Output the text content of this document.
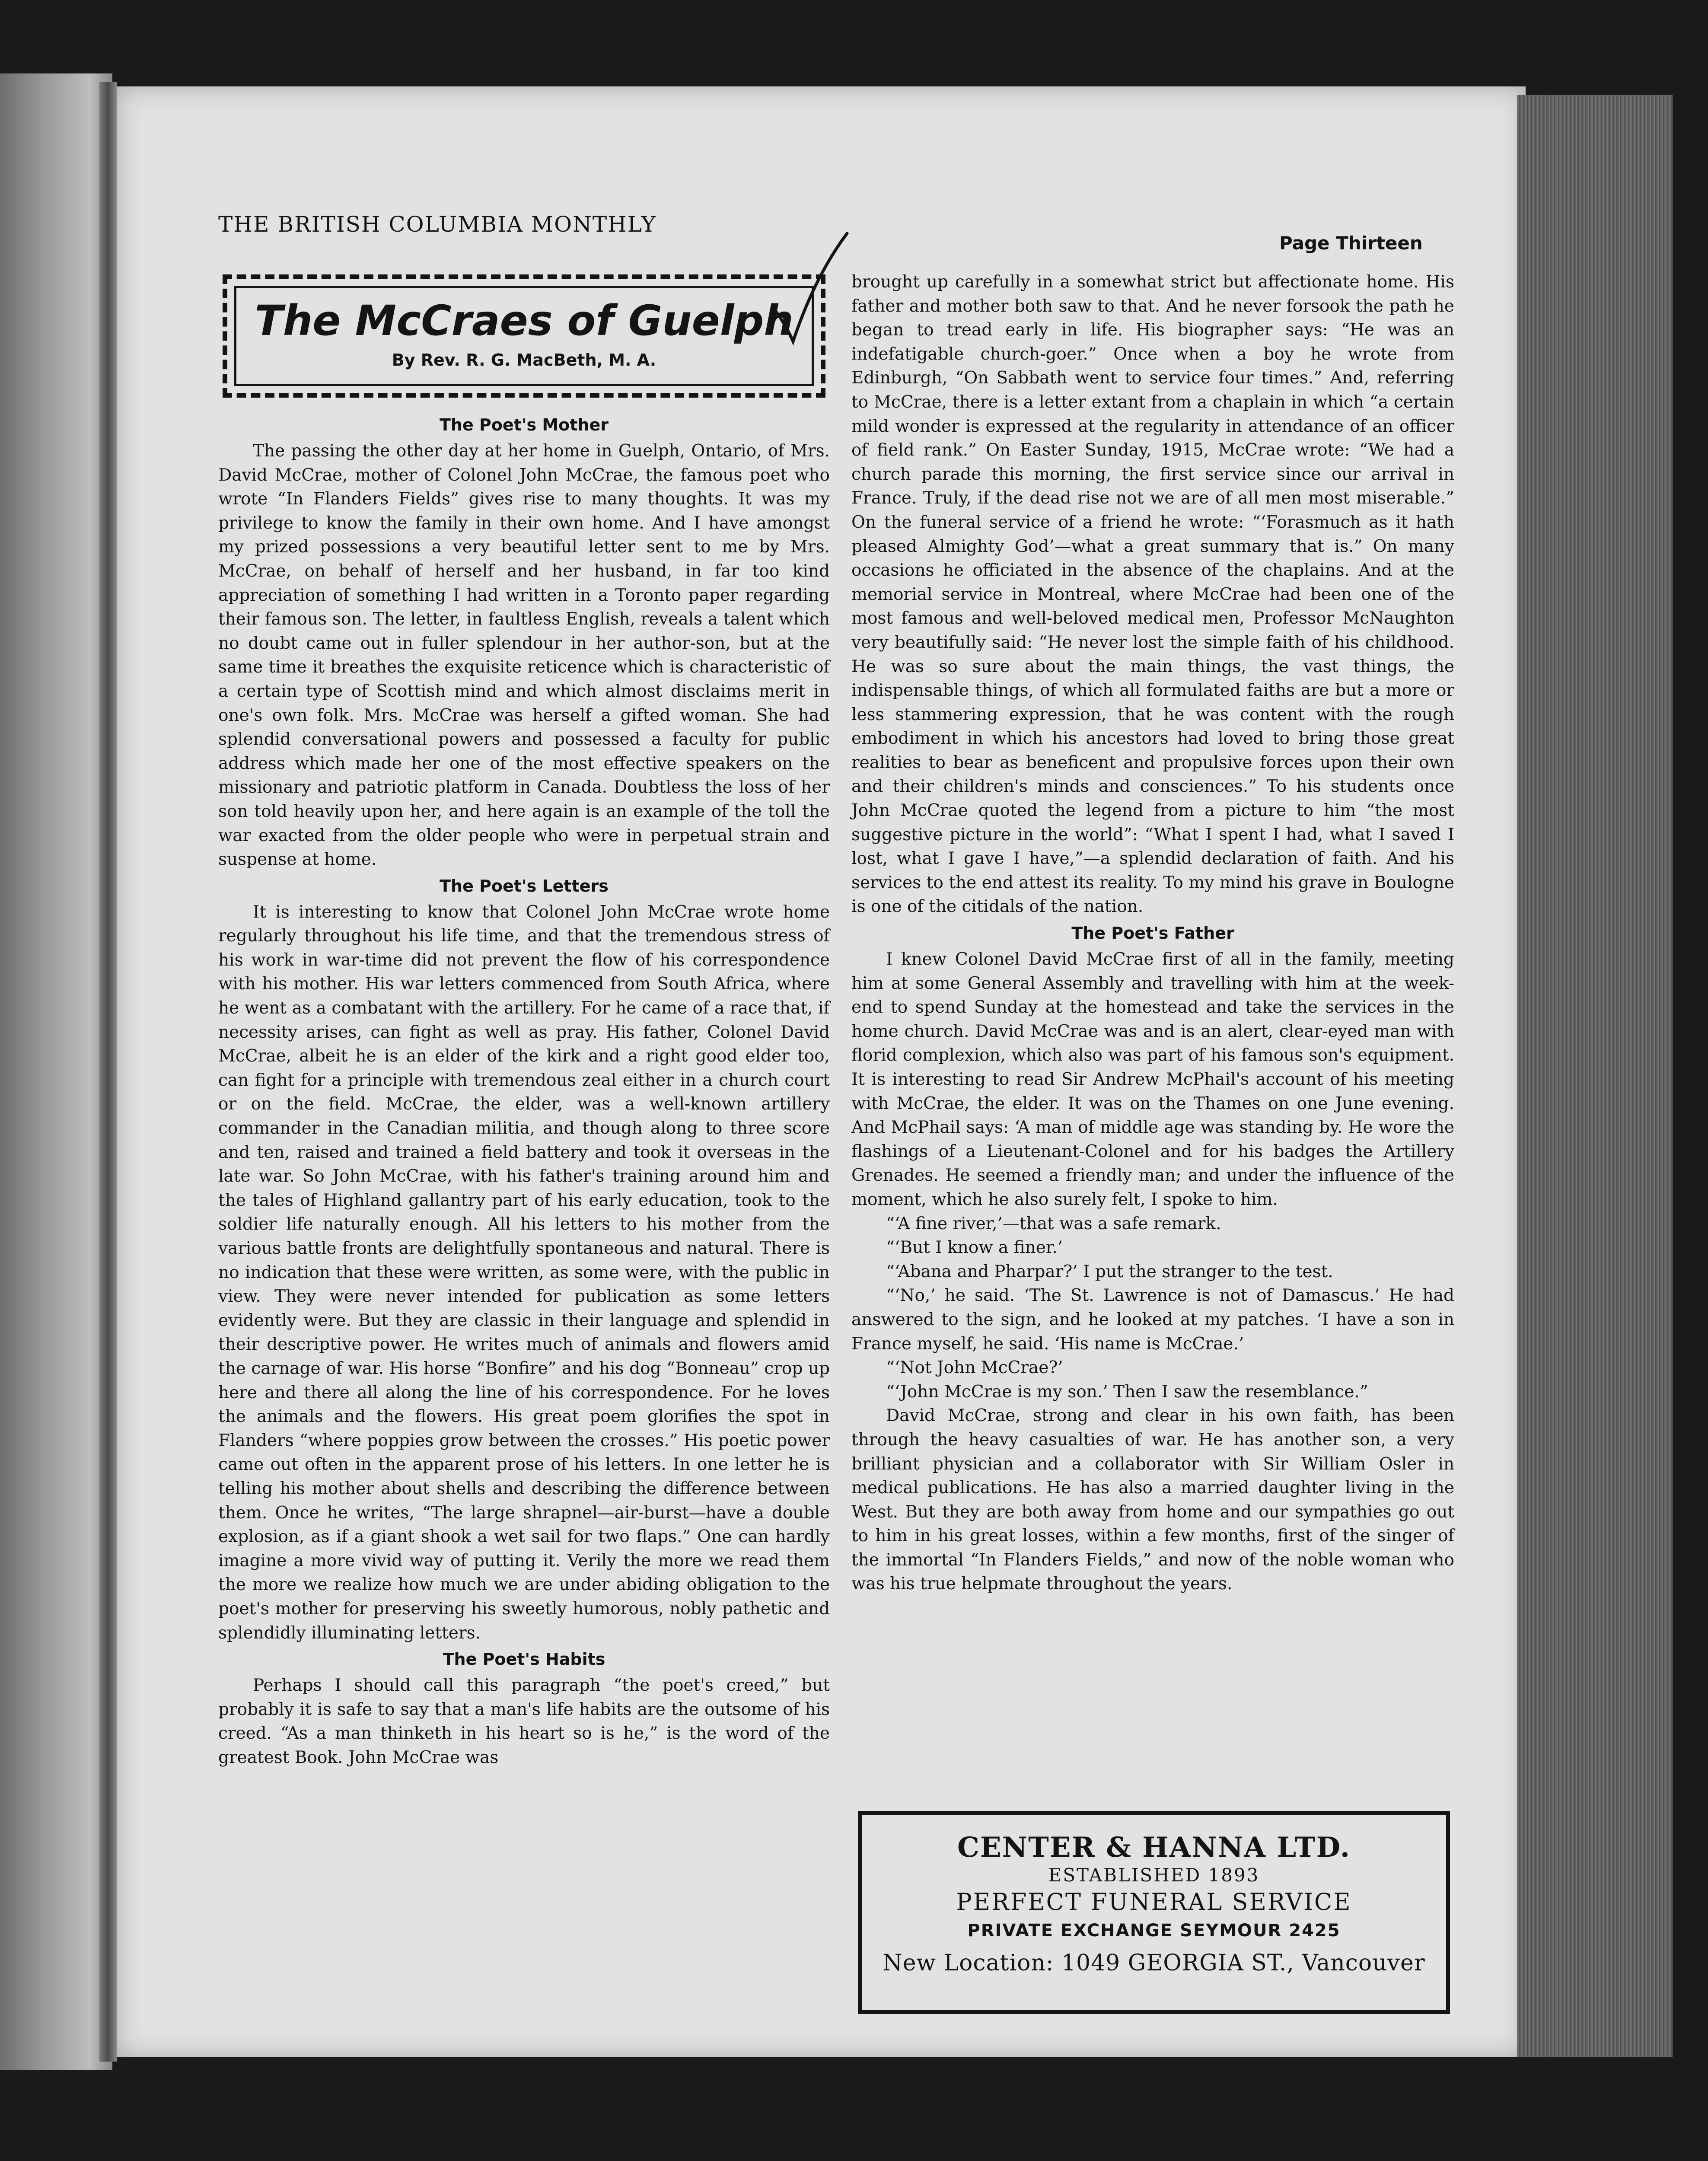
THE BRITISH COLUMBIA MONTHLY
Page Thirteen
The McCraes of Guelph
By Rev. R. G. MacBeth, M. A.
The Poet's Mother

The passing the other day at her home in Guelph, Ontario, of Mrs. David McCrae, mother of Colonel John McCrae, the famous poet who wrote “In Flanders Fields” gives rise to many thoughts. It was my privilege to know the family in their own home. And I have amongst my prized possessions a very beautiful letter sent to me by Mrs. McCrae, on behalf of herself and her husband, in far too kind appreciation of something I had written in a Toronto paper regarding their famous son. The letter, in faultless English, reveals a talent which no doubt came out in fuller splendour in her author-son, but at the same time it breathes the exquisite reticence which is characteristic of a certain type of Scottish mind and which almost disclaims merit in one's own folk. Mrs. McCrae was herself a gifted woman. She had splendid conversational powers and possessed a faculty for public address which made her one of the most effective speakers on the missionary and patriotic platform in Canada. Doubtless the loss of her son told heavily upon her, and here again is an example of the toll the war exacted from the older people who were in perpetual strain and suspense at home.

The Poet's Letters

It is interesting to know that Colonel John McCrae wrote home regularly throughout his life time, and that the tremendous stress of his work in war-time did not prevent the flow of his correspondence with his mother. His war letters commenced from South Africa, where he went as a combatant with the artillery. For he came of a race that, if necessity arises, can fight as well as pray. His father, Colonel David McCrae, albeit he is an elder of the kirk and a right good elder too, can fight for a principle with tremendous zeal either in a church court or on the field. McCrae, the elder, was a well-known artillery commander in the Canadian militia, and though along to three score and ten, raised and trained a field battery and took it overseas in the late war. So John McCrae, with his father's training around him and the tales of Highland gallantry part of his early education, took to the soldier life naturally enough. All his letters to his mother from the various battle fronts are delightfully spontaneous and natural. There is no indication that these were written, as some were, with the public in view. They were never intended for publication as some letters evidently were. But they are classic in their language and splendid in their descriptive power. He writes much of animals and flowers amid the carnage of war. His horse “Bonfire” and his dog “Bonneau” crop up here and there all along the line of his correspondence. For he loves the animals and the flowers. His great poem glorifies the spot in Flanders “where poppies grow between the crosses.” His poetic power came out often in the apparent prose of his letters. In one letter he is telling his mother about shells and describing the difference between them. Once he writes, “The large shrapnel—air-burst—have a double explosion, as if a giant shook a wet sail for two flaps.” One can hardly imagine a more vivid way of putting it. Verily the more we read them the more we realize how much we are under abiding obligation to the poet's mother for preserving his sweetly humorous, nobly pathetic and splendidly illuminating letters.

The Poet's Habits

Perhaps I should call this paragraph “the poet's creed,” but probably it is safe to say that a man's life habits are the outsome of his creed. “As a man thinketh in his heart so is he,” is the word of the greatest Book. John McCrae was

brought up carefully in a somewhat strict but affectionate home. His father and mother both saw to that. And he never forsook the path he began to tread early in life. His biographer says: “He was an indefatigable church-goer.” Once when a boy he wrote from Edinburgh, “On Sabbath went to service four times.” And, referring to McCrae, there is a letter extant from a chaplain in which “a certain mild wonder is expressed at the regularity in attendance of an officer of field rank.” On Easter Sunday, 1915, McCrae wrote: “We had a church parade this morning, the first service since our arrival in France. Truly, if the dead rise not we are of all men most miserable.” On the funeral service of a friend he wrote: “‘Forasmuch as it hath pleased Almighty God’—what a great summary that is.” On many occasions he officiated in the absence of the chaplains. And at the memorial service in Montreal, where McCrae had been one of the most famous and well-beloved medical men, Professor McNaughton very beautifully said: “He never lost the simple faith of his childhood. He was so sure about the main things, the vast things, the indispensable things, of which all formulated faiths are but a more or less stammering expression, that he was content with the rough embodiment in which his ancestors had loved to bring those great realities to bear as beneficent and propulsive forces upon their own and their children's minds and consciences.” To his students once John McCrae quoted the legend from a picture to him “the most suggestive picture in the world”: “What I spent I had, what I saved I lost, what I gave I have,”—a splendid declaration of faith. And his services to the end attest its reality. To my mind his grave in Boulogne is one of the citidals of the nation.

The Poet's Father

I knew Colonel David McCrae first of all in the family, meeting him at some General Assembly and travelling with him at the week-end to spend Sunday at the homestead and take the services in the home church. David McCrae was and is an alert, clear-eyed man with florid complexion, which also was part of his famous son's equipment. It is interesting to read Sir Andrew McPhail's account of his meeting with McCrae, the elder. It was on the Thames on one June evening. And McPhail says: ‘A man of middle age was standing by. He wore the flashings of a Lieutenant-Colonel and for his badges the Artillery Grenades. He seemed a friendly man; and under the influence of the moment, which he also surely felt, I spoke to him.

“‘A fine river,’—that was a safe remark.

“‘But I know a finer.’

“‘Abana and Pharpar?’ I put the stranger to the test.

“‘No,’ he said. ‘The St. Lawrence is not of Damascus.’ He had answered to the sign, and he looked at my patches. ‘I have a son in France myself, he said. ‘His name is McCrae.’

“‘Not John McCrae?’

“‘John McCrae is my son.’ Then I saw the resemblance.”

David McCrae, strong and clear in his own faith, has been through the heavy casualties of war. He has another son, a very brilliant physician and a collaborator with Sir William Osler in medical publications. He has also a married daughter living in the West. But they are both away from home and our sympathies go out to him in his great losses, within a few months, first of the singer of the immortal “In Flanders Fields,” and now of the noble woman who was his true helpmate throughout the years.

CENTER & HANNA LTD.
ESTABLISHED 1893
PERFECT FUNERAL SERVICE
PRIVATE EXCHANGE SEYMOUR 2425
New Location: 1049 GEORGIA ST., Vancouver
